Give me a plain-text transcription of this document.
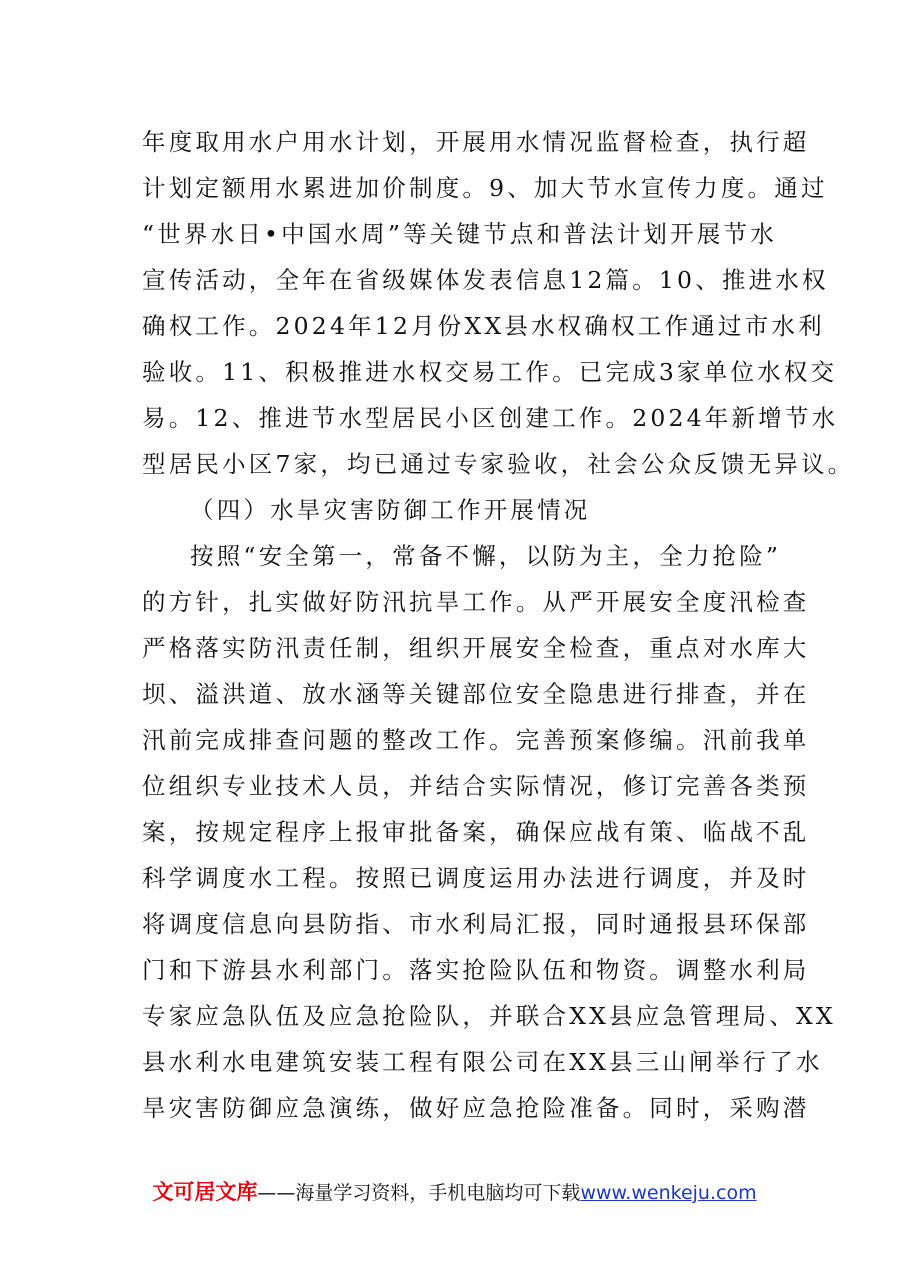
年度取用水户用水计划，开展用水情况监督检查，执行超
计划定额用水累进加价制度。9、加大节水宣传力度。通过
“世界水日•中国水周”等关键节点和普法计划开展节水
宣传活动，全年在省级媒体发表信息12篇。10、推进水权
确权工作。2024年12月份XX县水权确权工作通过市水利
验收。11、积极推进水权交易工作。已完成3家单位水权交
易。12、推进节水型居民小区创建工作。2024年新增节水
型居民小区7家，均已通过专家验收，社会公众反馈无异议。
（四）水旱灾害防御工作开展情况
按照“安全第一，常备不懈，以防为主，全力抢险”
的方针，扎实做好防汛抗旱工作。从严开展安全度汛检查
严格落实防汛责任制，组织开展安全检查，重点对水库大
坝、溢洪道、放水涵等关键部位安全隐患进行排查，并在
汛前完成排查问题的整改工作。完善预案修编。汛前我单
位组织专业技术人员，并结合实际情况，修订完善各类预
案，按规定程序上报审批备案，确保应战有策、临战不乱
科学调度水工程。按照已调度运用办法进行调度，并及时
将调度信息向县防指、市水利局汇报，同时通报县环保部
门和下游县水利部门。落实抢险队伍和物资。调整水利局
专家应急队伍及应急抢险队，并联合XX县应急管理局、XX
县水利水电建筑安装工程有限公司在XX县三山闸举行了水
旱灾害防御应急演练，做好应急抢险准备。同时，采购潜
文可居文库——海量学习资料，手机电脑均可下载www.wenkeju.com
